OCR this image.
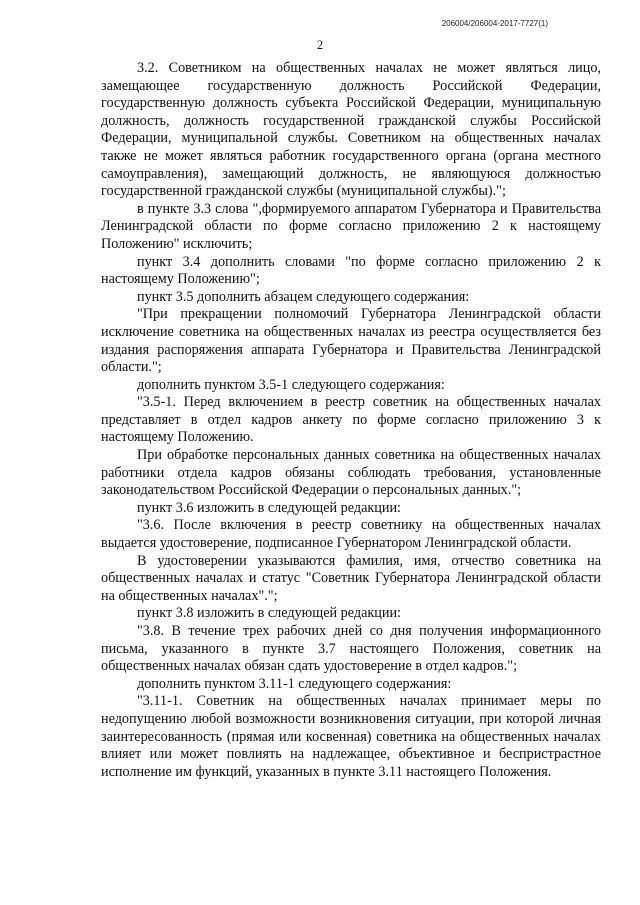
206004/206004-2017-7727(1)
2

3.2. Советником на общественных началах не может являться лицо, замещающее государственную должность Российской Федерации, государственную должность субъекта Российской Федерации, муниципальную должность, должность государственной гражданской службы Российской Федерации, муниципальной службы. Советником на общественных началах также не может являться работник государственного органа (органа местного самоуправления), замещающий должность, не являющуюся должностью государственной гражданской службы (муниципальной службы).";

в пункте 3.3 слова ",формируемого аппаратом Губернатора и Правительства Ленинградской области по форме согласно приложению 2 к настоящему Положению" исключить;

пункт 3.4 дополнить словами "по форме согласно приложению 2 к настоящему Положению";

пункт 3.5 дополнить абзацем следующего содержания:

"При прекращении полномочий Губернатора Ленинградской области исключение советника на общественных началах из реестра осуществляется без издания распоряжения аппарата Губернатора и Правительства Ленинградской области.";

дополнить пунктом 3.5-1 следующего содержания:

"3.5-1. Перед включением в реестр советник на общественных началах представляет в отдел кадров анкету по форме согласно приложению 3 к настоящему Положению.

При обработке персональных данных советника на общественных началах работники отдела кадров обязаны соблюдать требования, установленные законодательством Российской Федерации о персональных данных.";

пункт 3.6 изложить в следующей редакции:

"3.6. После включения в реестр советнику на общественных началах выдается удостоверение, подписанное Губернатором Ленинградской области.

В удостоверении указываются фамилия, имя, отчество советника на общественных началах и статус "Советник Губернатора Ленинградской области на общественных началах".";

пункт 3.8 изложить в следующей редакции:

"3.8. В течение трех рабочих дней со дня получения информационного письма, указанного в пункте 3.7 настоящего Положения, советник на общественных началах обязан сдать удостоверение в отдел кадров.";

дополнить пунктом 3.11-1 следующего содержания:

"3.11-1. Советник на общественных началах принимает меры по недопущению любой возможности возникновения ситуации, при которой личная заинтересованность (прямая или косвенная) советника на общественных началах влияет или может повлиять на надлежащее, объективное и беспристрастное исполнение им функций, указанных в пункте 3.11 настоящего Положения.
